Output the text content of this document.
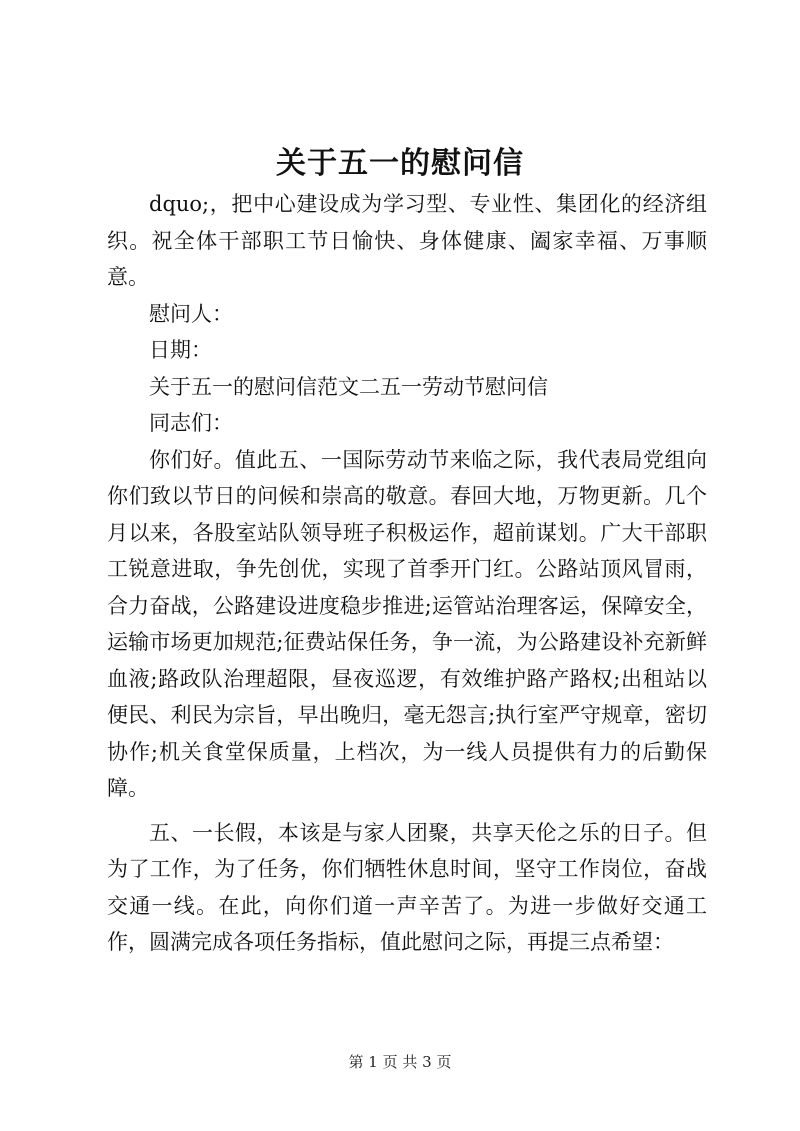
关于五一的慰问信

dquo;，把中心建设成为学习型、专业性、集团化的经济组织。祝全体干部职工节日愉快、身体健康、阖家幸福、万事顺意。

慰问人：

日期：

关于五一的慰问信范文二五一劳动节慰问信

同志们：

你们好。值此五、一国际劳动节来临之际，我代表局党组向你们致以节日的问候和崇高的敬意。春回大地，万物更新。几个月以来，各股室站队领导班子积极运作，超前谋划。广大干部职工锐意进取，争先创优，实现了首季开门红。公路站顶风冒雨，合力奋战，公路建设进度稳步推进;运管站治理客运，保障安全，运输市场更加规范;征费站保任务，争一流，为公路建设补充新鲜血液;路政队治理超限，昼夜巡逻，有效维护路产路权;出租站以便民、利民为宗旨，早出晚归，毫无怨言;执行室严守规章，密切协作;机关食堂保质量，上档次，为一线人员提供有力的后勤保障。

五、一长假，本该是与家人团聚，共享天伦之乐的日子。但为了工作，为了任务，你们牺牲休息时间，坚守工作岗位，奋战交通一线。在此，向你们道一声辛苦了。为进一步做好交通工作，圆满完成各项任务指标，值此慰问之际，再提三点希望：

第 1 页 共 3 页
